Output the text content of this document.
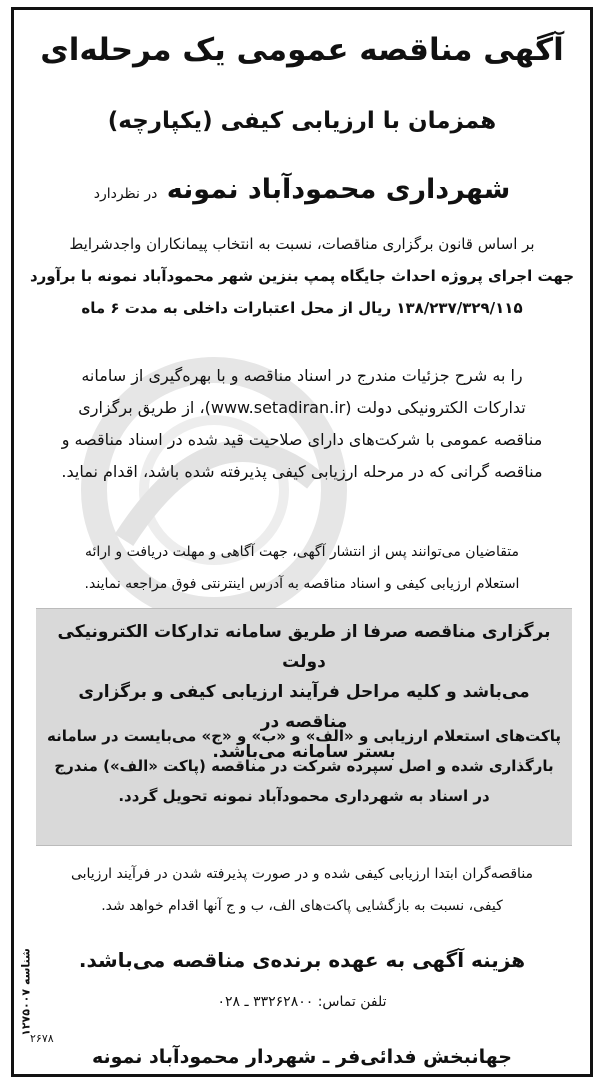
آگهی مناقصه عمومی یک مرحله‌ای
همزمان با ارزیابی کیفی (یکپارچه)
شهرداری محمودآباد نمونه در نظردارد
بر اساس قانون برگزاری مناقصات، نسبت به انتخاب پیمانکاران واجدشرایط
جهت اجرای پروژه احداث جایگاه پمپ بنزین شهر محمودآباد نمونه با برآورد
۱۳۸/۲۳۷/۳۲۹/۱۱۵ ریال از محل اعتبارات داخلی به مدت ۶ ماه
را به شرح جزئیات مندرج در اسناد مناقصه و با بهره‌گیری از سامانه
تدارکات الکترونیکی دولت (www.setadiran.ir)، از طریق برگزاری
مناقصه عمومی با شرکت‌های دارای صلاحیت قید شده در اسناد مناقصه و
مناقصه گرانی که در مرحله ارزیابی کیفی پذیرفته شده باشد، اقدام نماید.
متقاضیان می‌توانند پس از انتشار آگهی، جهت آگاهی و مهلت دریافت و ارائه
استعلام ارزیابی کیفی و اسناد مناقصه به آدرس اینترنتی فوق مراجعه نمایند.
برگزاری مناقصه صرفا از طریق سامانه تدارکات الکترونیکی دولت
می‌باشد و کلیه مراحل فرآیند ارزیابی کیفی و برگزاری مناقصه در
بستر سامانه می‌باشد.
پاکت‌های استعلام ارزیابی و «الف» و «ب» و «ج» می‌بایست در سامانه
بارگذاری شده و اصل سپرده شرکت در مناقصه (پاکت «الف») مندرج
در اسناد به شهرداری محمودآباد نمونه تحویل گردد.
مناقصه‌گران ابتدا ارزیابی کیفی شده و در صورت پذیرفته شدن در فرآیند ارزیابی
کیفی، نسبت به بازگشایی پاکت‌های الف، ب و ج آنها اقدام خواهد شد.
هزینه آگهی به عهده برنده‌ی مناقصه می‌باشد.
تلفن تماس: ۳۳۲۶۲۸۰۰ ـ ۰۲۸
۲۶۷۸
جهانبخش فدائی‌فر ـ شهردار محمودآباد نمونه
شناسه ۱۲۷۵۰۰۷
